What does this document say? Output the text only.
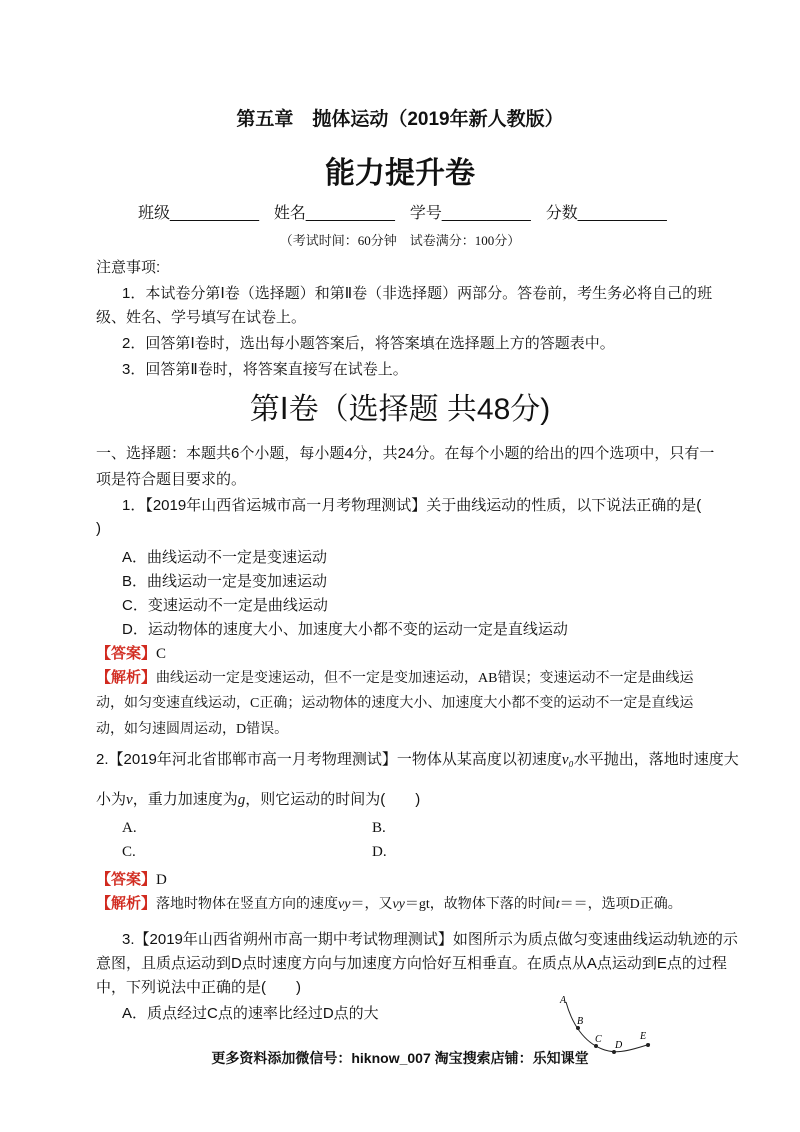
第五章　抛体运动（2019年新人教版）
能力提升卷
班级__________ 姓名__________ 学号__________ 分数__________
（考试时间：60分钟　试卷满分：100分）
注意事项:
1．本试卷分第Ⅰ卷（选择题）和第Ⅱ卷（非选择题）两部分。答卷前，考生务必将自己的班
级、姓名、学号填写在试卷上。
2．回答第Ⅰ卷时，选出每小题答案后，将答案填在选择题上方的答题表中。
3．回答第Ⅱ卷时，将答案直接写在试卷上。
第Ⅰ卷（选择题 共48分)
一、选择题：本题共6个小题，每小题4分，共24分。在每个小题的给出的四个选项中，只有一
项是符合题目要求的。
1．【2019年山西省运城市高一月考物理测试】关于曲线运动的性质，以下说法正确的是(
)
A．曲线运动不一定是变速运动
B．曲线运动一定是变加速运动
C．变速运动不一定是曲线运动
D．运动物体的速度大小、加速度大小都不变的运动一定是直线运动
【答案】C
【解析】曲线运动一定是变速运动，但不一定是变加速运动，AB错误；变速运动不一定是曲线运
动，如匀变速直线运动，C正确；运动物体的速度大小、加速度大小都不变的运动不一定是直线运
动，如匀速圆周运动，D错误。
2.【2019年河北省邯郸市高一月考物理测试】一物体从某高度以初速度v₀水平抛出，落地时速度大
小为v，重力加速度为g，则它运动的时间为(　　)
A.	B.
C.	D.
【答案】D
【解析】落地时物体在竖直方向的速度vy＝，又vy＝gt，故物体下落的时间t＝＝，选项D正确。
3.【2019年山西省朔州市高一期中考试物理测试】如图所示为质点做匀变速曲线运动轨迹的示
意图，且质点运动到D点时速度方向与加速度方向恰好互相垂直。在质点从A点运动到E点的过程
中，下列说法中正确的是(　　)
A．质点经过C点的速率比经过D点的大
A
B
C
D
E
更多资料添加微信号：hiknow_007 淘宝搜索店铺：乐知课堂
